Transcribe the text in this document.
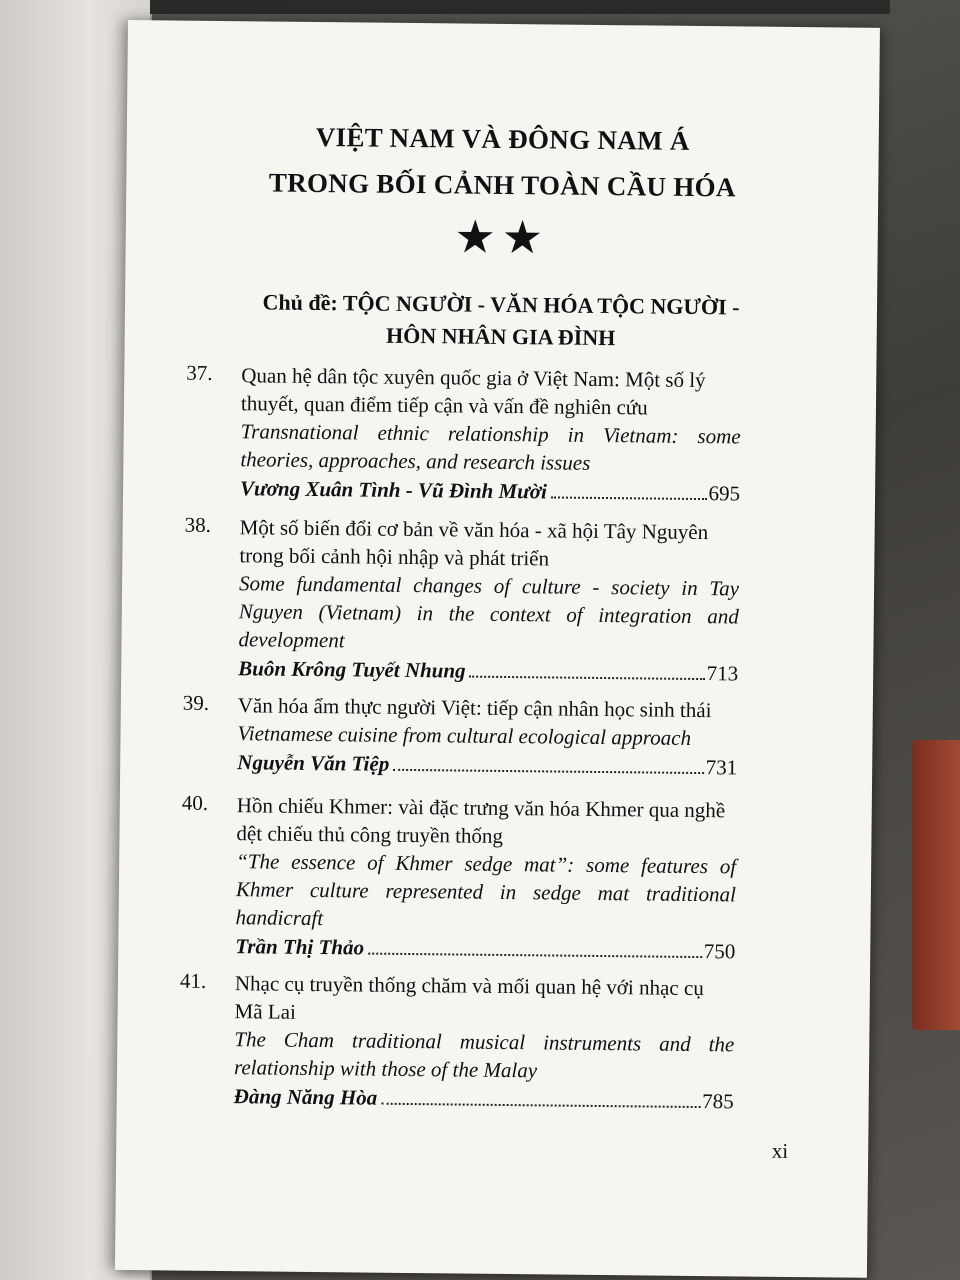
VIỆT NAM VÀ ĐÔNG NAM Á
TRONG BỐI CẢNH TOÀN CẦU HÓA
★★
Chủ đề: TỘC NGƯỜI - VĂN HÓA TỘC NGƯỜI -
HÔN NHÂN GIA ĐÌNH
37. Quan hệ dân tộc xuyên quốc gia ở Việt Nam: Một số lý
thuyết, quan điểm tiếp cận và vấn đề nghiên cứu
Transnational ethnic relationship in Vietnam: some
theories, approaches, and research issues
Vương Xuân Tình - Vũ Đình Mười	695
38. Một số biến đổi cơ bản về văn hóa - xã hội Tây Nguyên
trong bối cảnh hội nhập và phát triển
Some fundamental changes of culture - society in Tay
Nguyen (Vietnam) in the context of integration and
development
Buôn Krông Tuyết Nhung	713
39. Văn hóa ẩm thực người Việt: tiếp cận nhân học sinh thái
Vietnamese cuisine from cultural ecological approach
Nguyễn Văn Tiệp	731
40. Hồn chiếu Khmer: vài đặc trưng văn hóa Khmer qua nghề
dệt chiếu thủ công truyền thống
“The essence of Khmer sedge mat”: some features of
Khmer culture represented in sedge mat traditional
handicraft
Trần Thị Thảo	750
41. Nhạc cụ truyền thống chăm và mối quan hệ với nhạc cụ
Mã Lai
The Cham traditional musical instruments and the
relationship with those of the Malay
Đàng Năng Hòa	785
xi
